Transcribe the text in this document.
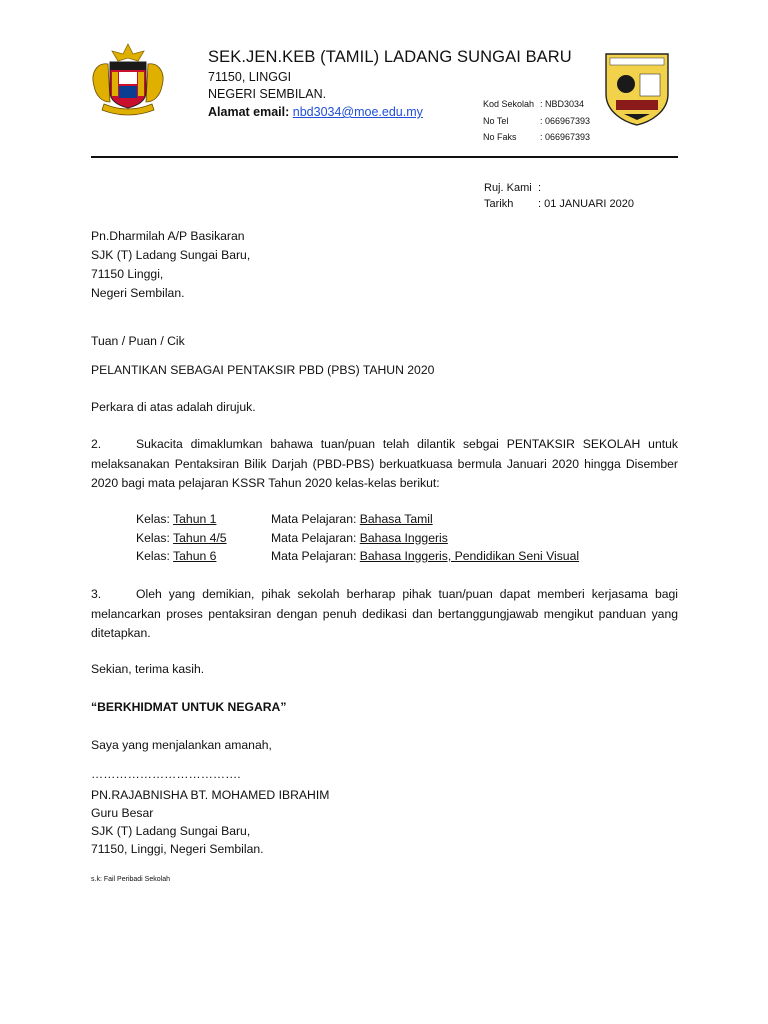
SEK.JEN.KEB (TAMIL) LADANG SUNGAI BARU
71150, LINGGI
NEGERI SEMBILAN.
Alamat email: nbd3034@moe.edu.my
Kod Sekolah : NBD3034
No Tel	: 066967393
No Faks	: 066967393
Ruj. Kami :
Tarikh : 01 JANUARI 2020
Pn.Dharmilah A/P Basikaran
SJK (T) Ladang Sungai Baru,
71150 Linggi,
Negeri Sembilan.
Tuan / Puan / Cik
PELANTIKAN SEBAGAI PENTAKSIR PBD (PBS) TAHUN 2020
Perkara di atas adalah dirujuk.
2.	Sukacita dimaklumkan bahawa tuan/puan telah dilantik sebgai PENTAKSIR SEKOLAH untuk melaksanakan Pentaksiran Bilik Darjah (PBD-PBS) berkuatkuasa bermula Januari 2020 hingga Disember 2020 bagi mata pelajaran KSSR Tahun 2020 kelas-kelas berikut:
Kelas: Tahun 1	Mata Pelajaran: Bahasa Tamil
Kelas: Tahun 4/5	Mata Pelajaran: Bahasa Inggeris
Kelas: Tahun 6	Mata Pelajaran: Bahasa Inggeris, Pendidikan Seni Visual
3.	Oleh yang demikian, pihak sekolah berharap pihak tuan/puan dapat memberi kerjasama bagi melancarkan proses pentaksiran dengan penuh dedikasi dan bertanggungjawab mengikut panduan yang ditetapkan.
Sekian, terima kasih.
“BERKHIDMAT UNTUK NEGARA”
Saya yang menjalankan amanah,
……………………………….
PN.RAJABNISHA BT. MOHAMED IBRAHIM
Guru Besar
SJK (T) Ladang Sungai Baru,
71150, Linggi, Negeri Sembilan.
s.k: Fail Peribadi Sekolah
